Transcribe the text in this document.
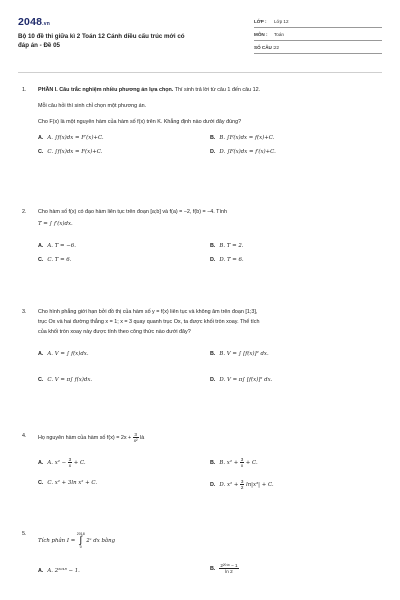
2048.vn
Bộ 10 đề thi giữa kì 2 Toán 12 Cánh diều cấu trúc mới có
đáp án - Đề 05
LỚP : Lớp 12
MÔN : Toán
SỐ CÂU : 22
1. PHẦN I. Câu trắc nghiệm nhiều phương án lựa chọn. Thí sinh trả lời từ câu 1 đến câu 12.
Mỗi câu hỏi thí sinh chỉ chọn một phương án.
Cho F(x) là một nguyên hàm của hàm số f(x) trên K. Khẳng định nào dưới đây đúng?
A. A. ∫f(x)dx = F′(x)+C.	B. B. ∫F(x)dx = f(x)+C.
C. C. ∫f(x)dx = F(x)+C.	D. D. ∫F(x)dx = f′(x)+C.
2. Cho hàm số f(x) có đạo hàm liên tục trên đoạn [a;b] và f(a) = −2, f(b) = −4. Tính
T = ∫ f′(x)dx.
A. A. T = −6.	B. B. T = 2.
C. C. T = 6.	D. D. T = 6.
3. Cho hình phẳng giới hạn bởi đồ thị của hàm số y = f(x) liên tục và không âm trên đoạn [1;3],
trục Ox và hai đường thẳng x = 1; x = 3 quay quanh trục Ox, ta được khối tròn xoay. Thể tích
của khối tròn xoay này được tính theo công thức nào dưới đây?
A. A. V = ∫ f(x)dx.	B. B. V = ∫ [f(x)]² dx.
C. C. V = π∫ f(x)dx.	D. D. V = π∫ [f(x)]² dx.
4. Họ nguyên hàm của hàm số $f(x) = 2x + \frac{3}{\text{x²}}$ là
A. A. $x^2 - \frac{3}{x} + C$.	B. B. $x^2 + \frac{3}{x} + C$.
C. C. x² + 3ln x² + C.	D. D. $x^2 + \frac{3}{2} \ln|x^3| + C$.
5.
Tích phân I =
2018
∫
0
2ˣ dx bằng
A. A. 2²⁰¹⁸ − 1.	B. $\frac{\text{2²⁰¹⁸ − 1}}{\ln 2}$
